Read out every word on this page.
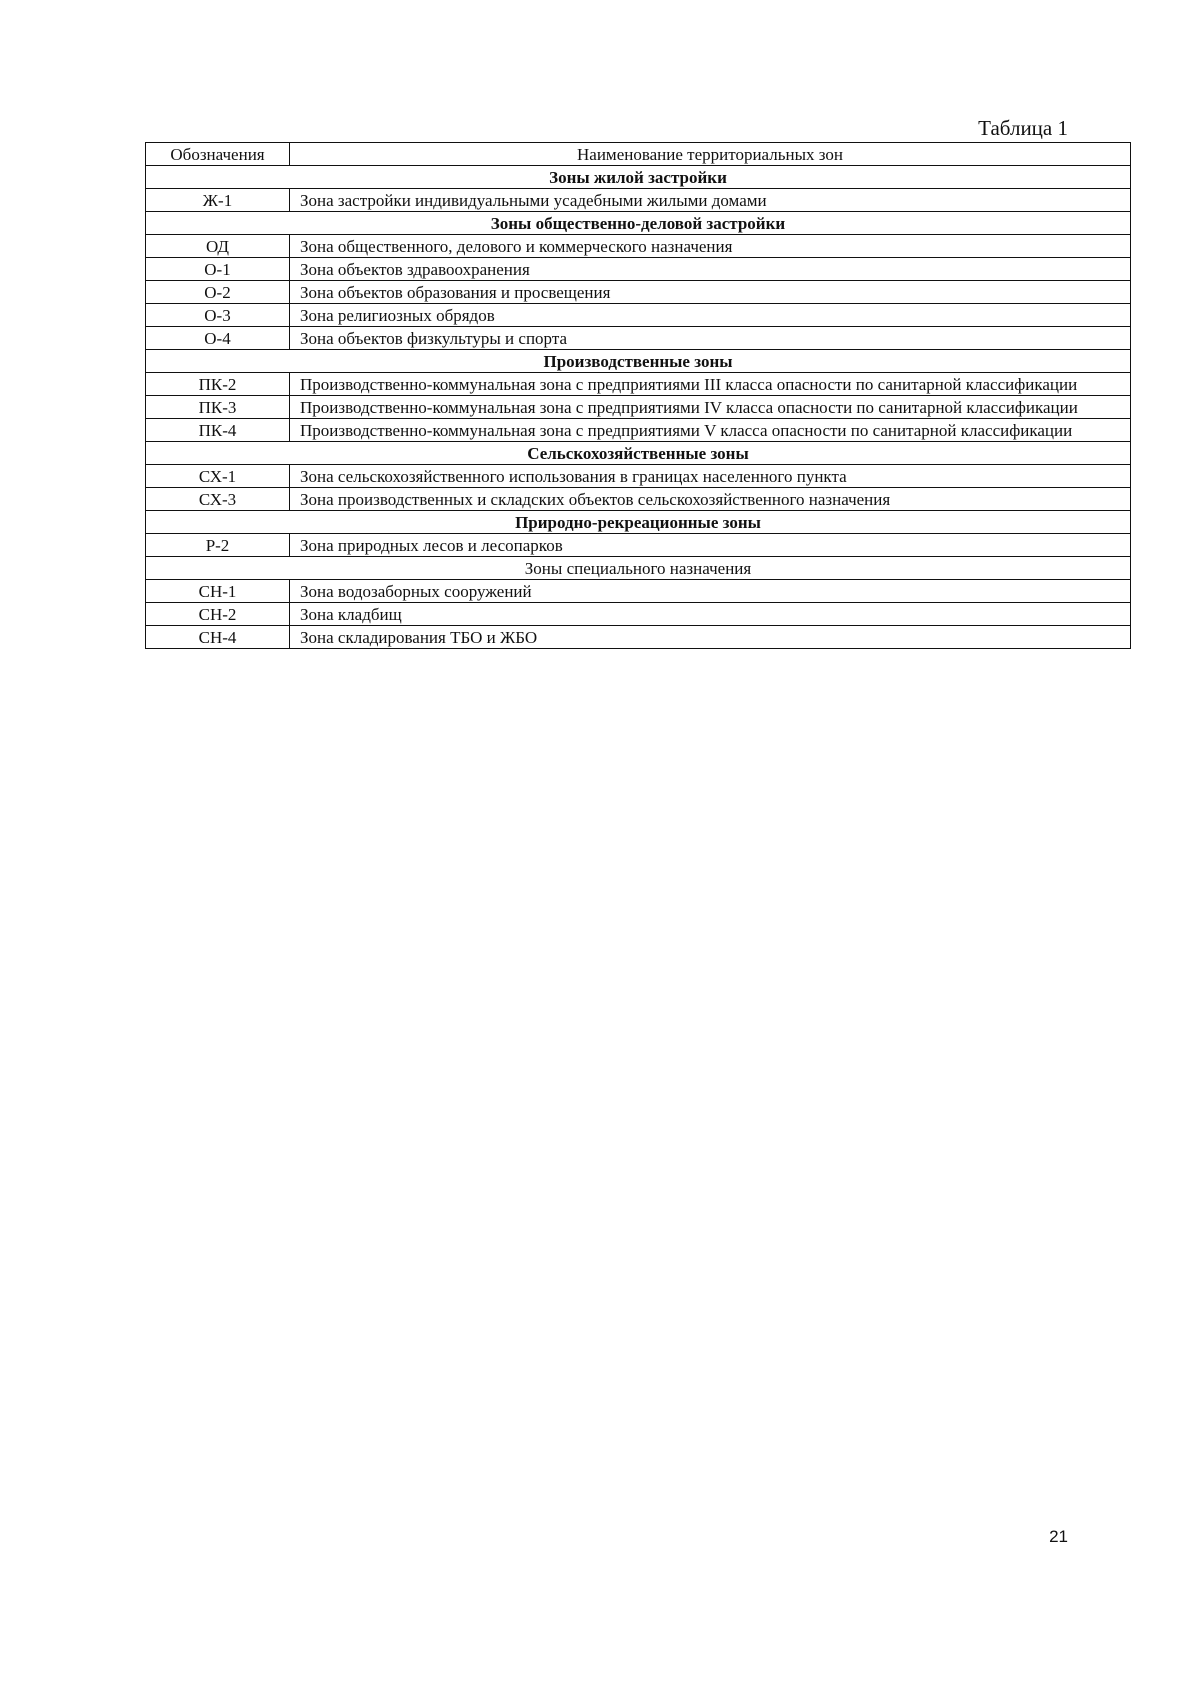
Таблица 1

Обозначения	Наименование территориальных зон
Зоны жилой застройки	
Ж-1	Зона застройки индивидуальными усадебными жилыми домами
Зоны общественно-деловой застройки	
ОД	Зона общественного, делового и коммерческого назначения
О-1	Зона объектов здравоохранения
О-2	Зона объектов образования и просвещения
О-3	Зона религиозных обрядов
О-4	Зона объектов физкультуры и спорта
Производственные зоны	
ПК-2	Производственно-коммунальная зона с предприятиями III класса опасности по санитарной классификации
ПК-3	Производственно-коммунальная зона с предприятиями IV класса опасности по санитарной классификации
ПК-4	Производственно-коммунальная зона с предприятиями V класса опасности по санитарной классификации
Сельскохозяйственные зоны	
СХ-1	Зона сельскохозяйственного использования в границах населенного пункта
СХ-3	Зона производственных и складских объектов сельскохозяйственного назначения
Природно-рекреационные зоны	
Р-2	Зона природных лесов и лесопарков
Зоны специального назначения	
СН-1	Зона водозаборных сооружений
СН-2	Зона кладбищ
СН-4	Зона складирования ТБО и ЖБО

21
